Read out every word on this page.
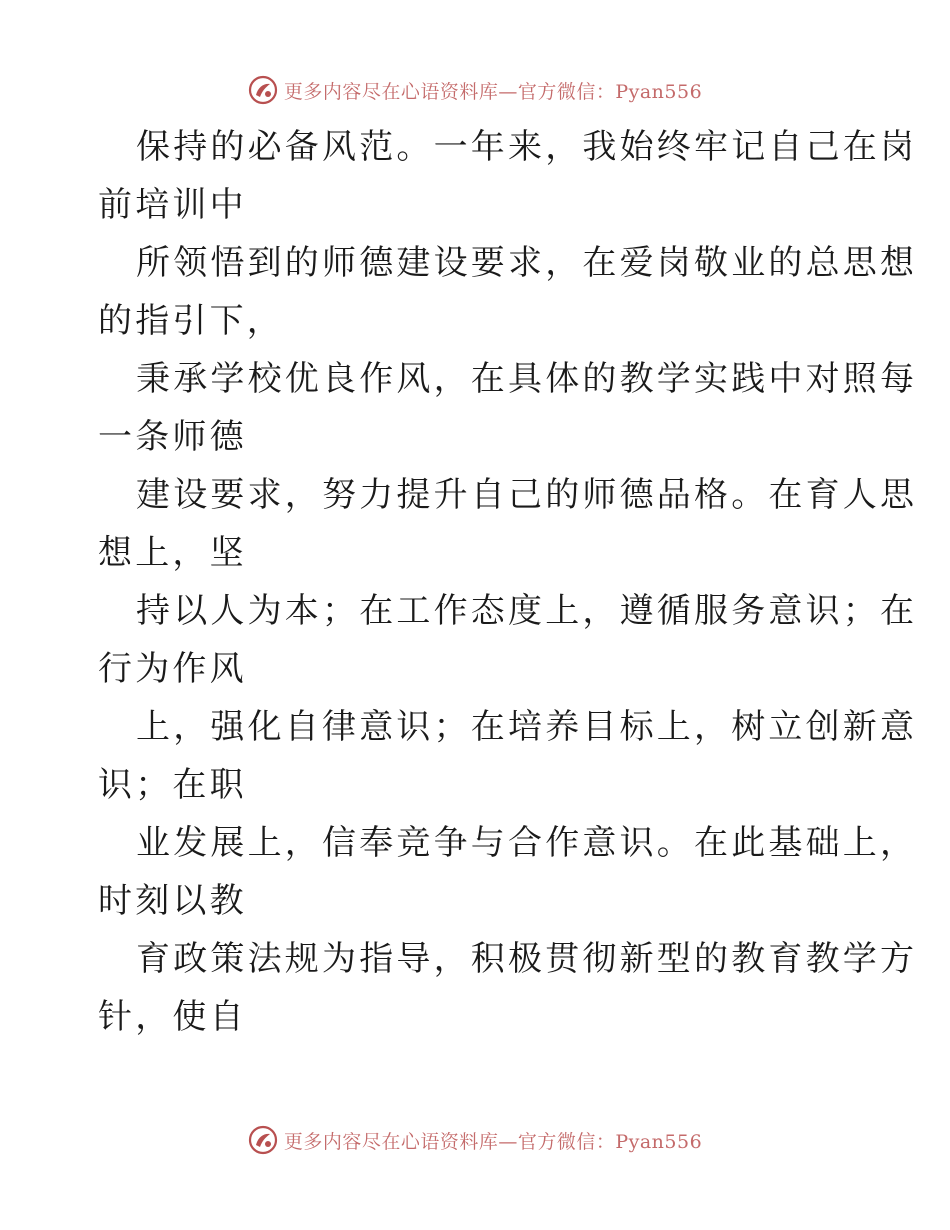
更多内容尽在心语资料库—官方微信：Pyan556
保持的必备风范。一年来，我始终牢记自己在岗
前培训中
所领悟到的师德建设要求，在爱岗敬业的总思想
的指引下，
秉承学校优良作风，在具体的教学实践中对照每
一条师德
建设要求，努力提升自己的师德品格。在育人思
想上，坚
持以人为本；在工作态度上，遵循服务意识；在
行为作风
上，强化自律意识；在培养目标上，树立创新意
识；在职
业发展上，信奉竞争与合作意识。在此基础上，
时刻以教
育政策法规为指导，积极贯彻新型的教育教学方
针，使自
更多内容尽在心语资料库—官方微信：Pyan556
